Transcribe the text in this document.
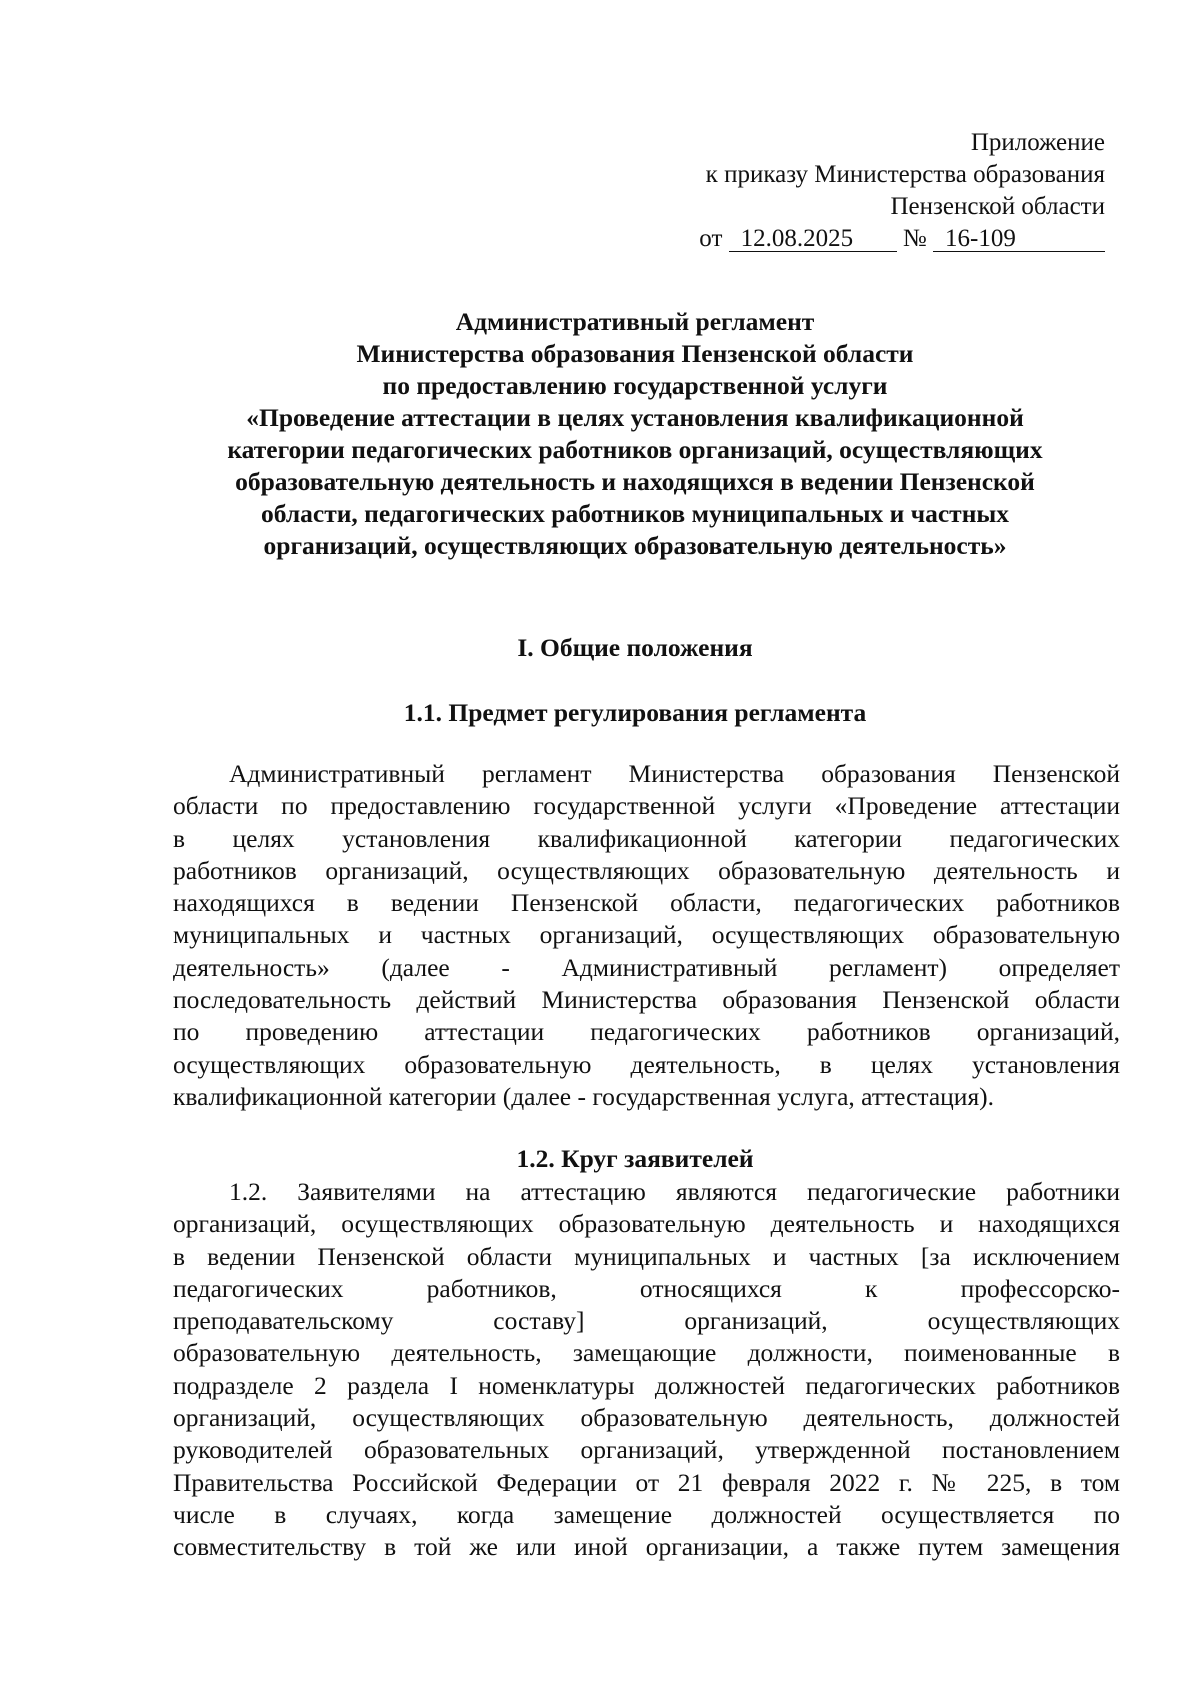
Приложение
к приказу Министерства образования
Пензенской области
от 12.08.2025 № 16-109
Административный регламент
Министерства образования Пензенской области
по предоставлению государственной услуги
«Проведение аттестации в целях установления квалификационной
категории педагогических работников организаций, осуществляющих
образовательную деятельность и находящихся в ведении Пензенской
области, педагогических работников муниципальных и частных
организаций, осуществляющих образовательную деятельность»
I. Общие положения
1.1. Предмет регулирования регламента
Административный регламент Министерства образования Пензенской
области по предоставлению государственной услуги «Проведение аттестации
в целях установления квалификационной категории педагогических
работников организаций, осуществляющих образовательную деятельность и
находящихся в ведении Пензенской области, педагогических работников
муниципальных и частных организаций, осуществляющих образовательную
деятельность» (далее - Административный регламент) определяет
последовательность действий Министерства образования Пензенской области
по проведению аттестации педагогических работников организаций,
осуществляющих образовательную деятельность, в целях установления
квалификационной категории (далее - государственная услуга, аттестация).
1.2. Круг заявителей
1.2. Заявителями на аттестацию являются педагогические работники
организаций, осуществляющих образовательную деятельность и находящихся
в ведении Пензенской области муниципальных и частных [за исключением
педагогических работников, относящихся к профессорско-
преподавательскому составу] организаций, осуществляющих
образовательную деятельность, замещающие должности, поименованные в
подразделе 2 раздела I номенклатуры должностей педагогических работников
организаций, осуществляющих образовательную деятельность, должностей
руководителей образовательных организаций, утвержденной постановлением
Правительства Российской Федерации от 21 февраля 2022 г. № 225, в том
числе в случаях, когда замещение должностей осуществляется по
совместительству в той же или иной организации, а также путем замещения
